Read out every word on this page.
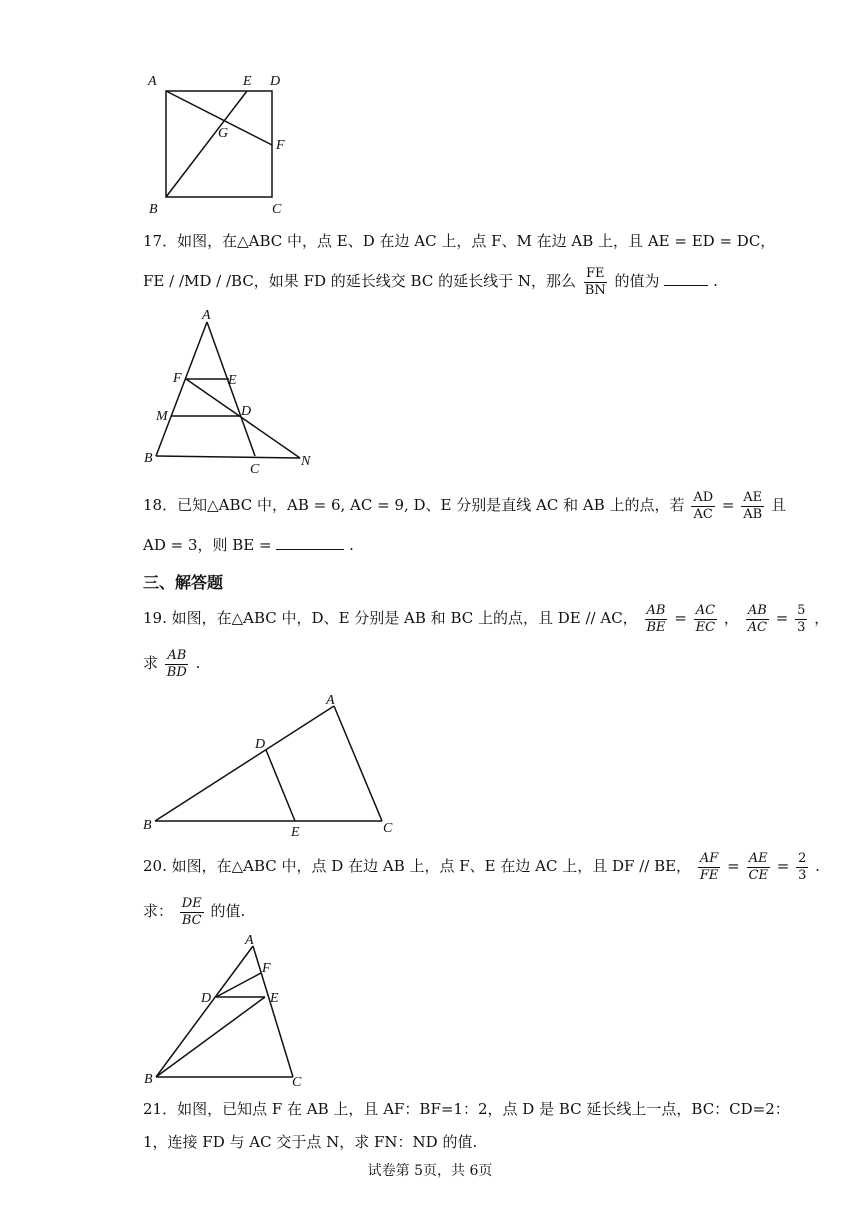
A	E D
G
F
B	C
17．如图，在△ABC 中，点 E、D 在边 AC 上，点 F、M 在边 AB 上，且 AE = ED = DC，
FE / /MD / /BC，如果 FD 的延长线交 BC 的延长线于 N，那么 $\frac{FE}{BN}$ 的值为	.
A
F	E
M	D
B
C
N
18．已知△ABC 中，AB = 6, AC = 9, D、E 分别是直线 AC 和 AB 上的点，若 $\frac{AD}{AC} = \frac{AE}{AB}$ 且
AD = 3，则 BE =	.
三、解答题
19. 如图，在△ABC 中，D、E 分别是 AB 和 BC 上的点，且 DE // AC， $\frac{AB}{BE} = \frac{AC}{EC}$ ， $\frac{AB}{AC} = \frac{5}{3}$ ，
求 $\frac{AB}{BD}$ .
A
D
B	E	C
20. 如图，在△ABC 中，点 D 在边 AB 上，点 F、E 在边 AC 上，且 DF // BE， $\frac{AF}{FE} = \frac{AE}{CE} = \frac{2}{3}$ .
求： $\frac{DE}{BC}$ 的值.
A
F
D	E
B	C
21．如图，已知点 F 在 AB 上，且 AF：BF=1：2，点 D 是 BC 延长线上一点，BC：CD=2：
1，连接 FD 与 AC 交于点 N，求 FN：ND 的值.
试卷第 5页，共 6页
